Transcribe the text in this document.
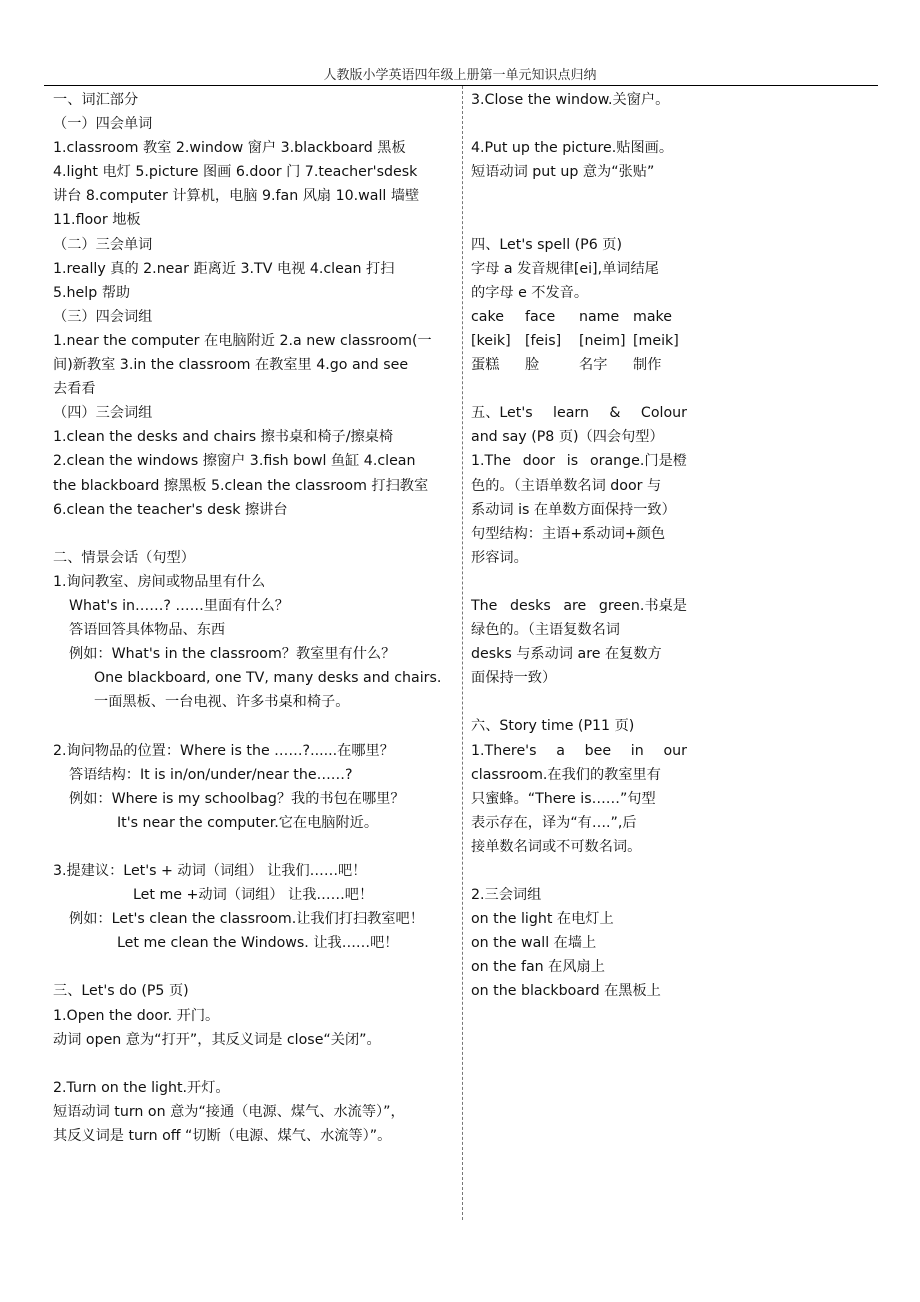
人教版小学英语四年级上册第一单元知识点归纳
一、词汇部分
（一）四会单词
1.classroom 教室 2.window 窗户 3.blackboard 黑板
4.light 电灯 5.picture 图画 6.door 门 7.teacher'sdesk
讲台 8.computer 计算机，电脑 9.fan 风扇 10.wall 墙壁
11.floor 地板
（二）三会单词
1.really 真的 2.near 距离近 3.TV 电视 4.clean 打扫
5.help 帮助
（三）四会词组
1.near the computer 在电脑附近 2.a new classroom(一
间)新教室 3.in the classroom 在教室里 4.go and see
去看看
（四）三会词组
1.clean the desks and chairs 擦书桌和椅子/擦桌椅
2.clean the windows 擦窗户 3.fish bowl 鱼缸 4.clean
the blackboard 擦黑板 5.clean the classroom 打扫教室
6.clean the teacher's desk 擦讲台
二、情景会话（句型）
1.询问教室、房间或物品里有什么
What's in……? ……里面有什么？
答语回答具体物品、东西
例如：What's in the classroom？教室里有什么？
One blackboard, one TV, many desks and chairs.
一面黑板、一台电视、许多书桌和椅子。
2.询问物品的位置：Where is the ……?......在哪里？
答语结构：It is in/on/under/near the……?
例如：Where is my schoolbag？我的书包在哪里？
It's near the computer.它在电脑附近。
3.提建议：Let's + 动词（词组） 让我们……吧！
Let me +动词（词组） 让我……吧！
例如：Let's clean the classroom.让我们打扫教室吧！
Let me clean the Windows. 让我……吧！
三、Let's do (P5 页)
1.Open the door. 开门。
动词 open 意为“打开”，其反义词是 close“关闭”。
2.Turn on the light.开灯。
短语动词 turn on 意为“接通（电源、煤气、水流等）”，
其反义词是 turn off “切断（电源、煤气、水流等）”。
3.Close the window.关窗户。
4.Put up the picture.贴图画。
短语动词 put up 意为“张贴”
四、Let's spell (P6 页)
字母 a 发音规律[ei],单词结尾
的字母 e 不发音。
cake	face	name make
[keik]	[feis]	[neim] [meik]
蛋糕	脸	名字	制作
五、Let's learn & Colour
and say (P8 页)（四会句型）
1.The door is orange.门是橙
色的。（主语单数名词 door 与
系动词 is 在单数方面保持一致）
句型结构：主语+系动词+颜色
形容词。
The desks are green.书桌是
绿色的。（主语复数名词
desks 与系动词 are 在复数方
面保持一致）
六、Story time (P11 页)
1.There's a bee in our
classroom.在我们的教室里有
只蜜蜂。“There is……”句型
表示存在，译为“有….”,后
接单数名词或不可数名词。
2.三会词组
on the light 在电灯上
on the wall 在墙上
on the fan 在风扇上
on the blackboard 在黑板上
